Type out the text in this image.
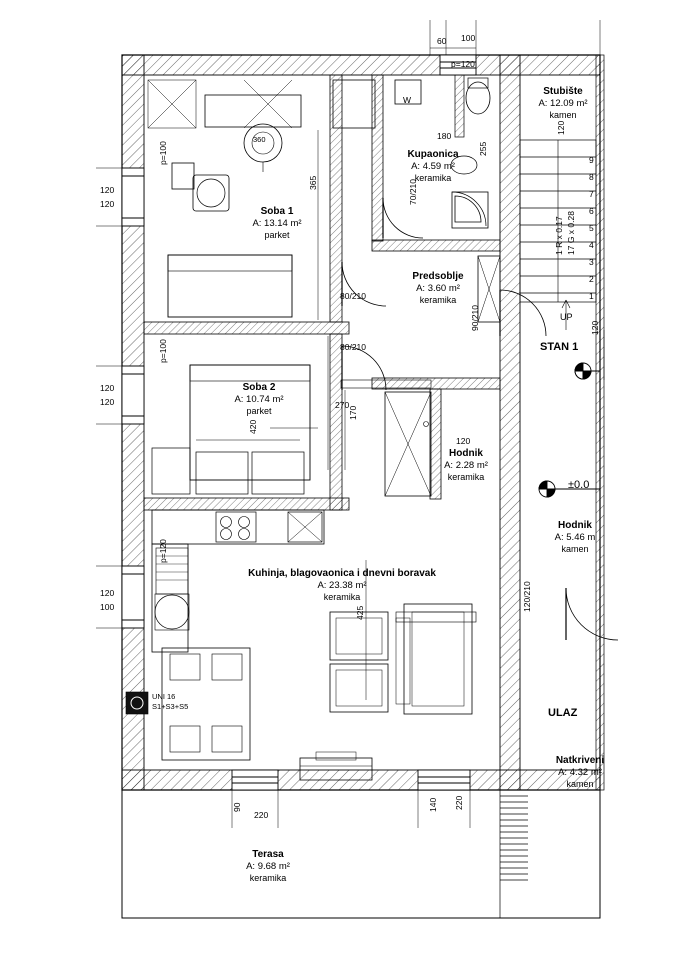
Soba 1
A: 13.14 m²
parket
Soba 2
A: 10.74 m²
parket
Kupaonica
A: 4.59 m²
keramika
Predsoblje
A: 3.60 m²
keramika
Hodnik
A: 2.28 m²
keramika
Kuhinja, blagovaonica i dnevni boravak
A: 23.38 m²
keramika
Stubište
A: 12.09 m²
kamen
Hodnik
A: 5.46 m
kamen
Natkriveni
A: 4.32 m²
kamen
Terasa
A: 9.68 m²
keramika
60 100
p=120
180
120
255
120
120
p=100
120
120
p=100
120
100
p=120
365
80/210
80/210
70/210
90/210
270
170
420
120
425
120
90
220
140 220
120/210
9
8
7
6
5
4
3
2
1
1 R x 0.17 17 G x 0.28
W
STAN 1
ULAZ
±0.0
UP
UNI 16
S1+S3+S5
360
